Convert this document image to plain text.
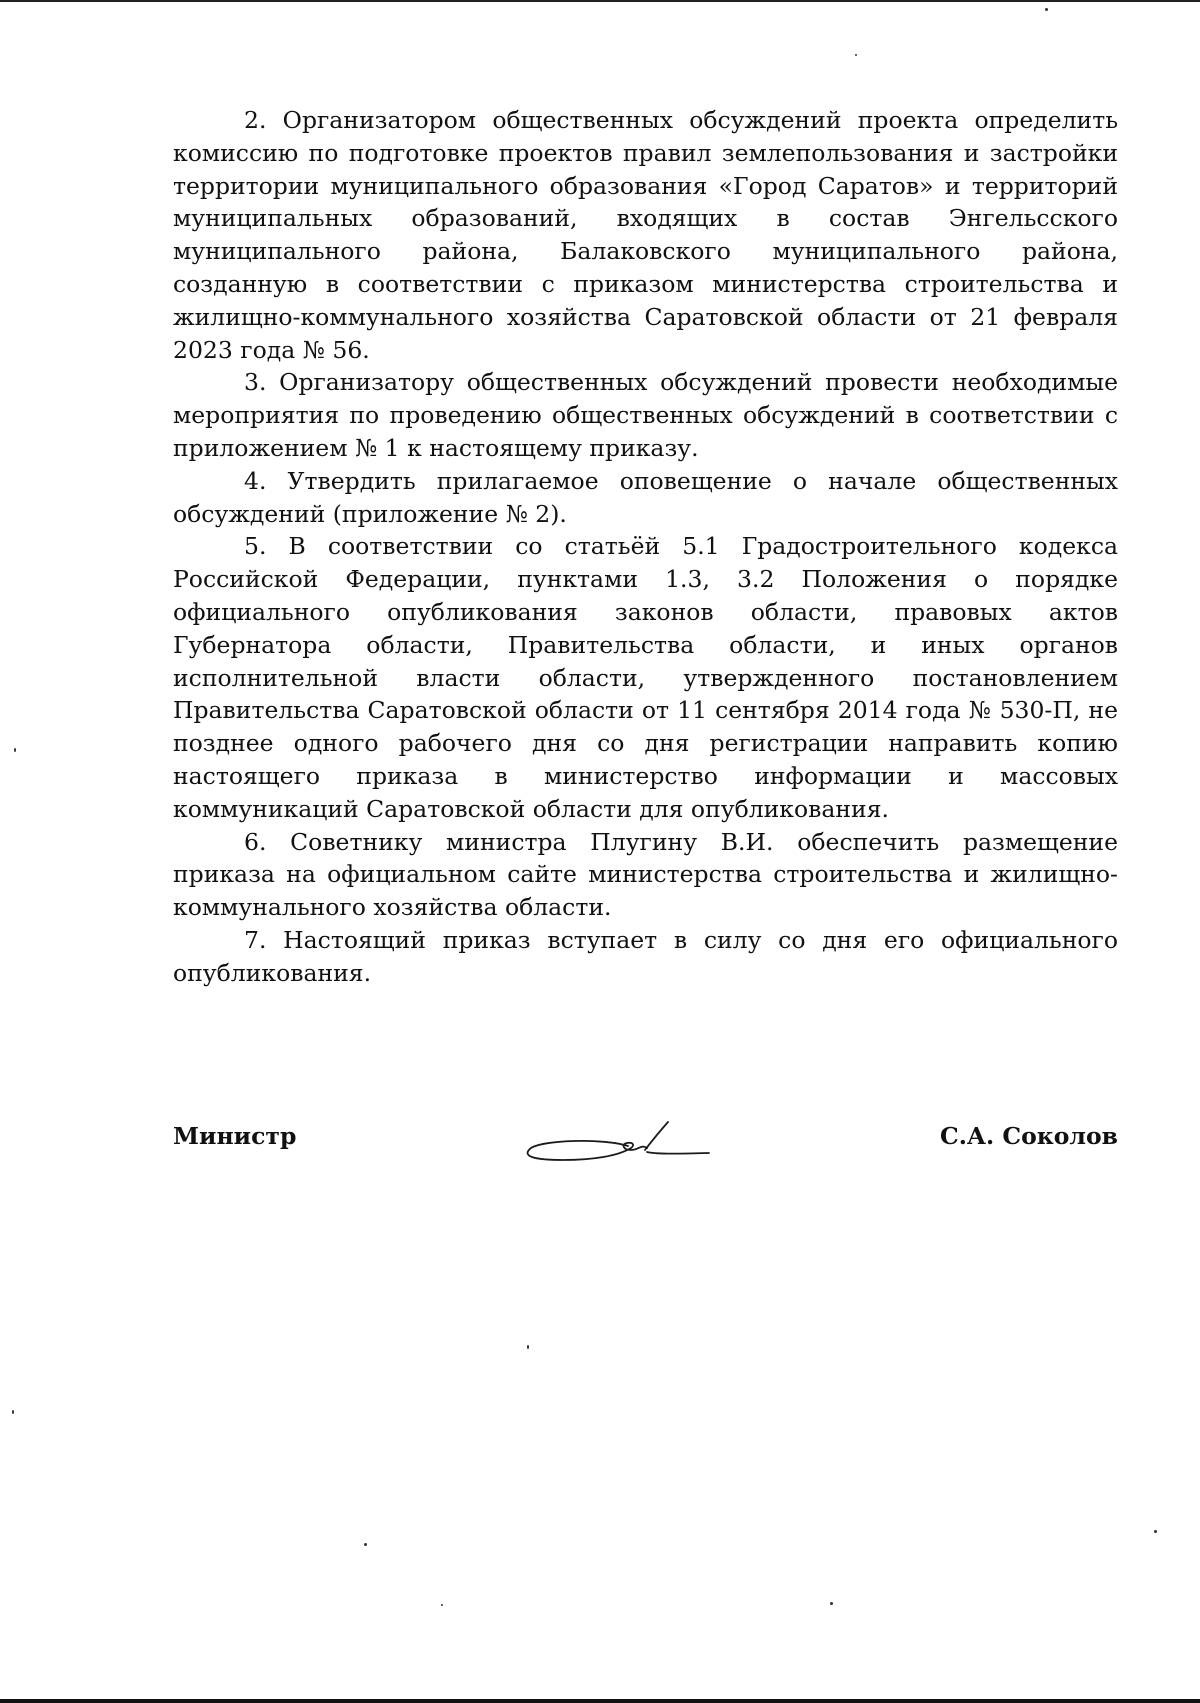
2. Организатором общественных обсуждений проекта определить комиссию по подготовке проектов правил землепользования и застройки территории муниципального образования «Город Саратов» и территорий муниципальных образований, входящих в состав Энгельсского муниципального района, Балаковского муниципального района, созданную в соответствии с приказом министерства строительства и жилищно-коммунального хозяйства Саратовской области от 21 февраля 2023 года № 56.

3. Организатору общественных обсуждений провести необходимые мероприятия по проведению общественных обсуждений в соответствии с приложением № 1 к настоящему приказу.

4. Утвердить прилагаемое оповещение о начале общественных обсуждений (приложение № 2).

5. В соответствии со статьёй 5.1 Градостроительного кодекса Российской Федерации, пунктами 1.3, 3.2 Положения о порядке официального опубликования законов области, правовых актов Губернатора области, Правительства области, и иных органов исполнительной власти области, утвержденного постановлением Правительства Саратовской области от 11 сентября 2014 года № 530-П, не позднее одного рабочего дня со дня регистрации направить копию настоящего приказа в министерство информации и массовых коммуникаций Саратовской области для опубликования.

6. Советнику министра Плугину В.И. обеспечить размещение приказа на официальном сайте министерства строительства и жилищно-коммунального хозяйства области.

7. Настоящий приказ вступает в силу со дня его официального опубликования.

Министр	С.А. Соколов
